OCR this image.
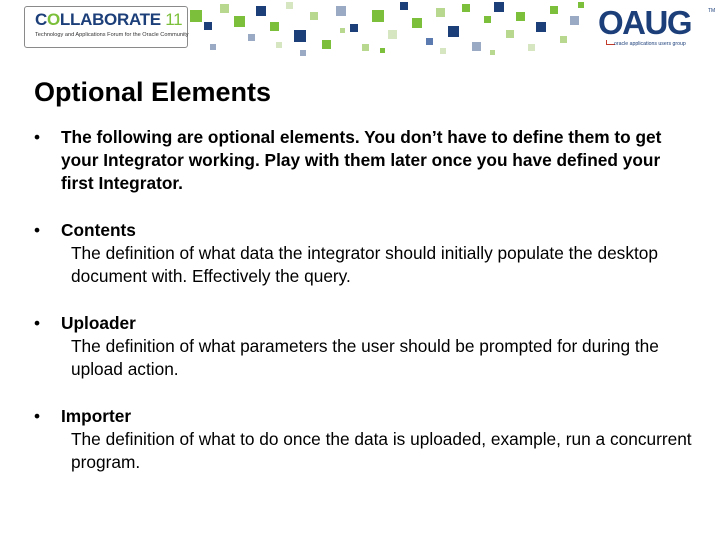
COLLABORATE 11
Technology and Applications Forum for the Oracle Community	OAUG	TM
oracle applications users group
Optional Elements
• The following are optional elements. You don’t have to define them to get your Integrator working. Play with them later once you have defined your first Integrator.
• Contents
The definition of what data the integrator should initially populate the desktop document with. Effectively the query.
• Uploader
The definition of what parameters the user should be prompted for during the upload action.
• Importer
The definition of what to do once the data is uploaded, example, run a concurrent program.
